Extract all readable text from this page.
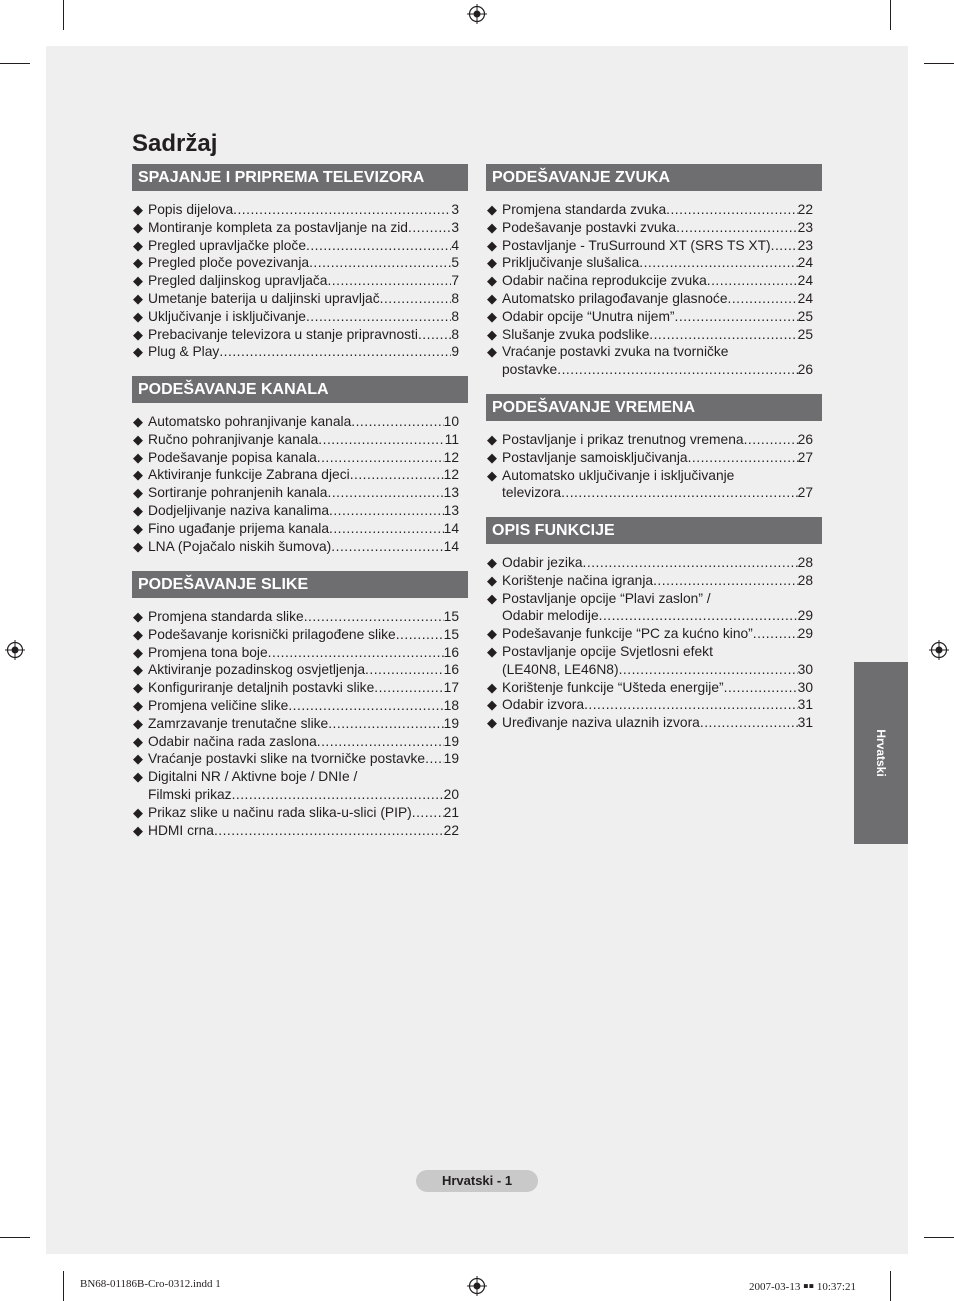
Sadržaj
SPAJANJE I PRIPREMA TELEVIZORA
◆ Popis dijelova .....	3
◆ Montiranje kompleta za postavljanje na zid .....	3
◆ Pregled upravljačke ploče .....	4
◆ Pregled ploče povezivanja .....	5
◆ Pregled daljinskog upravljača .....	7
◆ Umetanje baterija u daljinski upravljač .....	8
◆ Uključivanje i isključivanje .....	8
◆ Prebacivanje televizora u stanje pripravnosti ..... 8
◆ Plug & Play .....	9
PODEŠAVANJE KANALA
◆ Automatsko pohranjivanje kanala .....	10
◆ Ručno pohranjivanje kanala .....	11
◆ Podešavanje popisa kanala .....	12
◆ Aktiviranje funkcije Zabrana djeci .....	12
◆ Sortiranje pohranjenih kanala .....	13
◆ Dodjeljivanje naziva kanalima .....	13
◆ Fino ugađanje prijema kanala .....	14
◆ LNA (Pojačalo niskih šumova) .....	14
PODEŠAVANJE SLIKE
◆ Promjena standarda slike .....	15
◆ Podešavanje korisnički prilagođene slike .....	15
◆ Promjena tona boje .....	16
◆ Aktiviranje pozadinskog osvjetljenja .....	16
◆ Konfiguriranje detaljnih postavki slike .....	17
◆ Promjena veličine slike .....	18
◆ Zamrzavanje trenutačne slike .....	19
◆ Odabir načina rada zaslona .....	19
◆ Vraćanje postavki slike na tvorničke postavke ..... 19
◆ Digitalni NR / Aktivne boje / DNIe /
Filmski prikaz .....	20
◆ Prikaz slike u načinu rada slika-u-slici (PIP) ..... 21
◆ HDMI crna .....	22
PODEŠAVANJE ZVUKA
◆ Promjena standarda zvuka .....	22
◆ Podešavanje postavki zvuka .....	23
◆ Postavljanje - TruSurround XT (SRS TS XT) ..... 23
◆ Priključivanje slušalica .....	24
◆ Odabir načina reprodukcije zvuka .....	24
◆ Automatsko prilagođavanje glasnoće .....	24
◆ Odabir opcije “Unutra nijem” .....	25
◆ Slušanje zvuka podslike .....	25
◆ Vraćanje postavki zvuka na tvorničke
postavke .....	26
PODEŠAVANJE VREMENA
◆ Postavljanje i prikaz trenutnog vremena .....	26
◆ Postavljanje samoisključivanja .....	27
◆ Automatsko uključivanje i isključivanje
televizora .....	27
OPIS FUNKCIJE
◆ Odabir jezika .....	28
◆ Korištenje načina igranja .....	28
◆ Postavljanje opcije “Plavi zaslon” /
Odabir melodije .....	29
◆ Podešavanje funkcije “PC za kućno kino” .....	29
◆ Postavljanje opcije Svjetlosni efekt
(LE40N8, LE46N8) .....	30
◆ Korištenje funkcije “Ušteda energije” .....	30
◆ Odabir izvora .....	31
◆ Uređivanje naziva ulaznih izvora .....	31
Hrvatski
Hrvatski - 1
BN68-01186B-Cro-0312.indd 1	2007-03-13 ￭￭ 10:37:21
